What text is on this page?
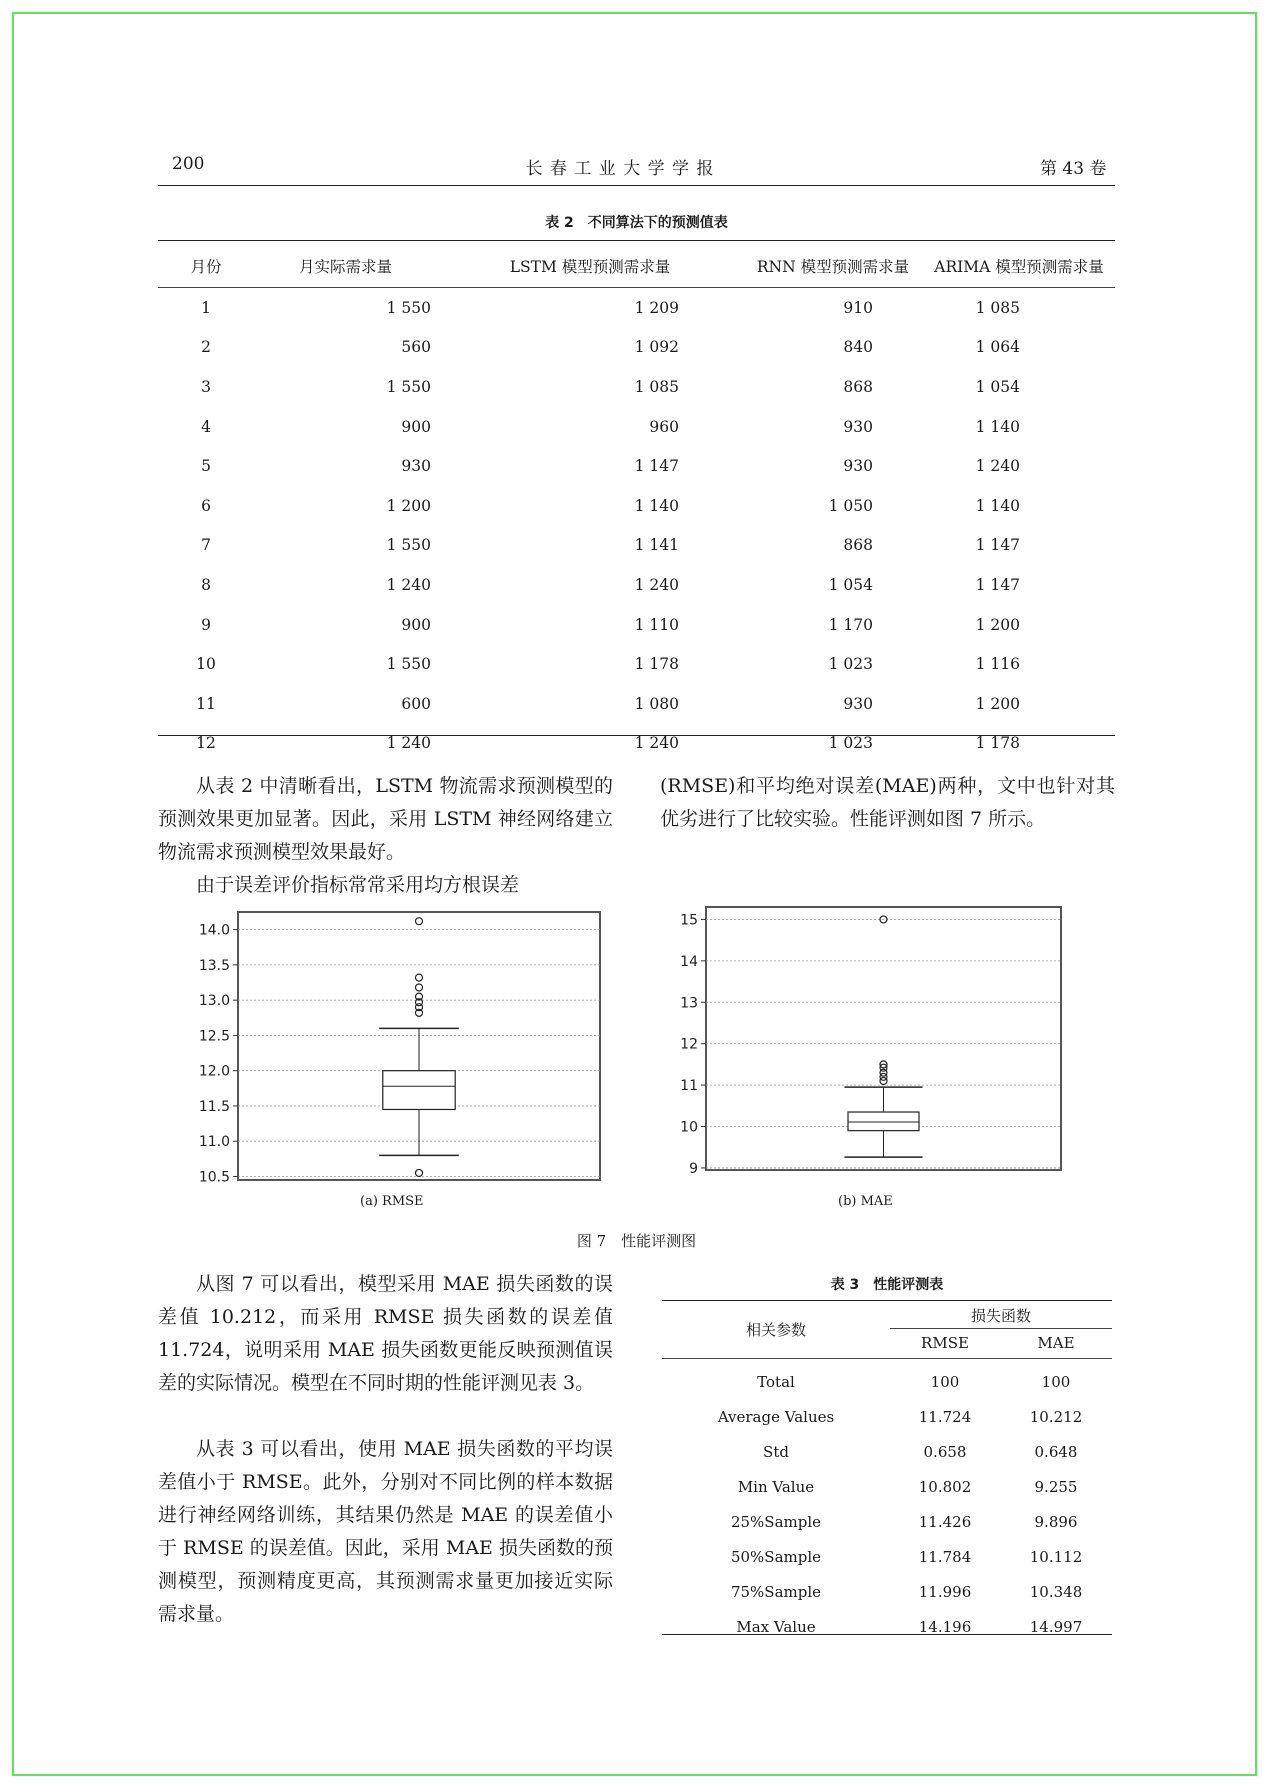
200	长 春 工 业 大 学 学 报	第 43 卷
表 2　不同算法下的预测值表
月份	月实际需求量	LSTM 模型预测需求量	RNN 模型预测需求量	ARIMA 模型预测需求量
1	1 550	1 209	910	1 085
2	560	1 092	840	1 064
3	1 550	1 085	868	1 054
4	900	960	930	1 140
5	930	1 147	930	1 240
6	1 200	1 140	1 050	1 140
7	1 550	1 141	868	1 147
8	1 240	1 240	1 054	1 147
9	900	1 110	1 170	1 200
10	1 550	1 178	1 023	1 116
11	600	1 080	930	1 200
12	1 240	1 240	1 023	1 178

从表 2 中清晰看出，LSTM 物流需求预测模型的预测效果更加显著。因此，采用 LSTM 神经网络建立物流需求预测模型效果最好。

由于误差评价指标常常采用均方根误差

(RMSE)和平均绝对误差(MAE)两种，文中也针对其优劣进行了比较实验。性能评测如图 7 所示。

10.5
11.0
11.5
12.0
12.5
13.0
13.5
14.0
9
10
11
12
13
14
15
(a) RMSE	(b) MAE
图 7　性能评测图

从图 7 可以看出，模型采用 MAE 损失函数的误差值 10.212，而采用 RMSE 损失函数的误差值 11.724，说明采用 MAE 损失函数更能反映预测值误差的实际情况。模型在不同时期的性能评测见表 3。

从表 3 可以看出，使用 MAE 损失函数的平均误差值小于 RMSE。此外，分别对不同比例的样本数据进行神经网络训练，其结果仍然是 MAE 的误差值小于 RMSE 的误差值。因此，采用 MAE 损失函数的预测模型，预测精度更高，其预测需求量更加接近实际需求量。

表 3　性能评测表
相关参数
损失函数
RMSE	MAE
Total	100	100
Average Values	11.724	10.212
Std	0.658	0.648
Min Value	10.802	9.255
25%Sample	11.426	9.896
50%Sample	11.784	10.112
75%Sample	11.996	10.348
Max Value	14.196	14.997
